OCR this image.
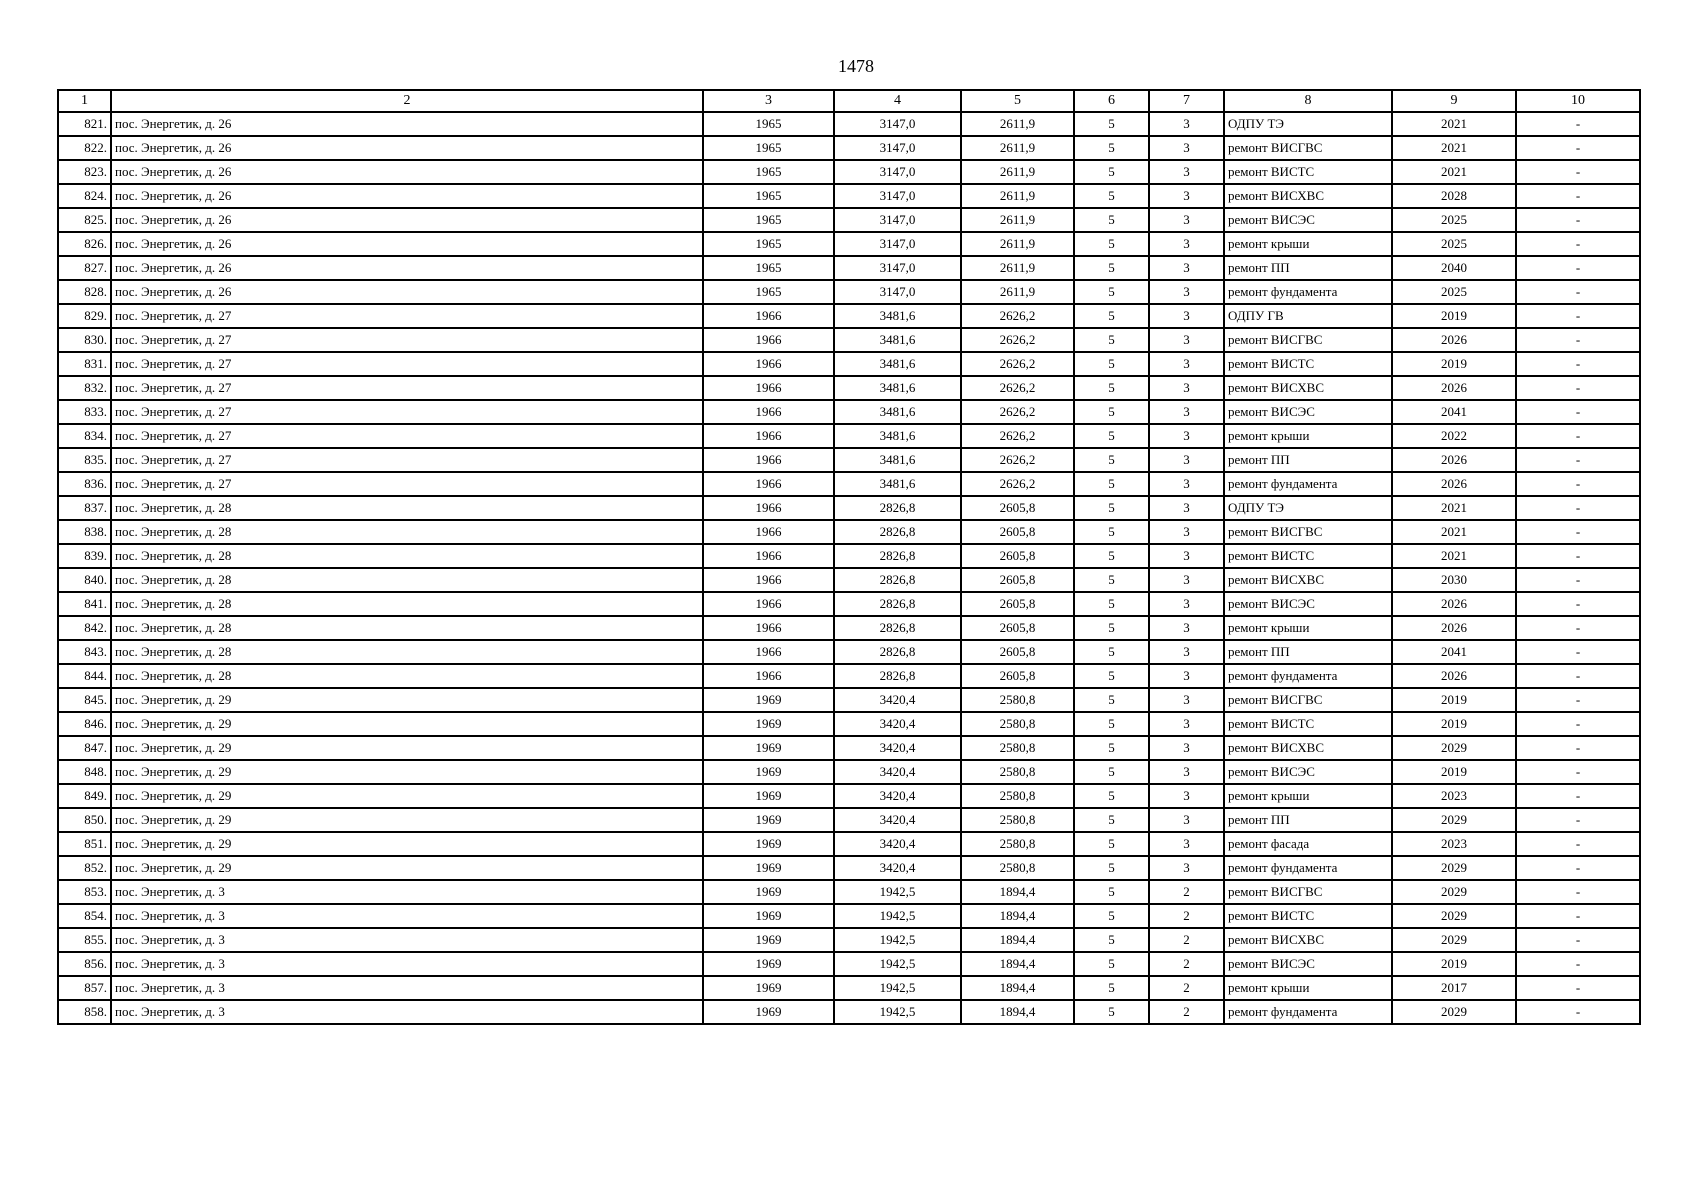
1478
1	2	3	4	5	6	7	8	9	10
821.	пос. Энергетик, д. 26	1965	3147,0	2611,9	5	3	ОДПУ ТЭ	2021	-
822.	пос. Энергетик, д. 26	1965	3147,0	2611,9	5	3	ремонт ВИСГВС	2021	-
823.	пос. Энергетик, д. 26	1965	3147,0	2611,9	5	3	ремонт ВИСТС	2021	-
824.	пос. Энергетик, д. 26	1965	3147,0	2611,9	5	3	ремонт ВИСХВС	2028	-
825.	пос. Энергетик, д. 26	1965	3147,0	2611,9	5	3	ремонт ВИСЭС	2025	-
826.	пос. Энергетик, д. 26	1965	3147,0	2611,9	5	3	ремонт крыши	2025	-
827.	пос. Энергетик, д. 26	1965	3147,0	2611,9	5	3	ремонт ПП	2040	-
828.	пос. Энергетик, д. 26	1965	3147,0	2611,9	5	3	ремонт фундамента	2025	-
829.	пос. Энергетик, д. 27	1966	3481,6	2626,2	5	3	ОДПУ ГВ	2019	-
830.	пос. Энергетик, д. 27	1966	3481,6	2626,2	5	3	ремонт ВИСГВС	2026	-
831.	пос. Энергетик, д. 27	1966	3481,6	2626,2	5	3	ремонт ВИСТС	2019	-
832.	пос. Энергетик, д. 27	1966	3481,6	2626,2	5	3	ремонт ВИСХВС	2026	-
833.	пос. Энергетик, д. 27	1966	3481,6	2626,2	5	3	ремонт ВИСЭС	2041	-
834.	пос. Энергетик, д. 27	1966	3481,6	2626,2	5	3	ремонт крыши	2022	-
835.	пос. Энергетик, д. 27	1966	3481,6	2626,2	5	3	ремонт ПП	2026	-
836.	пос. Энергетик, д. 27	1966	3481,6	2626,2	5	3	ремонт фундамента	2026	-
837.	пос. Энергетик, д. 28	1966	2826,8	2605,8	5	3	ОДПУ ТЭ	2021	-
838.	пос. Энергетик, д. 28	1966	2826,8	2605,8	5	3	ремонт ВИСГВС	2021	-
839.	пос. Энергетик, д. 28	1966	2826,8	2605,8	5	3	ремонт ВИСТС	2021	-
840.	пос. Энергетик, д. 28	1966	2826,8	2605,8	5	3	ремонт ВИСХВС	2030	-
841.	пос. Энергетик, д. 28	1966	2826,8	2605,8	5	3	ремонт ВИСЭС	2026	-
842.	пос. Энергетик, д. 28	1966	2826,8	2605,8	5	3	ремонт крыши	2026	-
843.	пос. Энергетик, д. 28	1966	2826,8	2605,8	5	3	ремонт ПП	2041	-
844.	пос. Энергетик, д. 28	1966	2826,8	2605,8	5	3	ремонт фундамента	2026	-
845.	пос. Энергетик, д. 29	1969	3420,4	2580,8	5	3	ремонт ВИСГВС	2019	-
846.	пос. Энергетик, д. 29	1969	3420,4	2580,8	5	3	ремонт ВИСТС	2019	-
847.	пос. Энергетик, д. 29	1969	3420,4	2580,8	5	3	ремонт ВИСХВС	2029	-
848.	пос. Энергетик, д. 29	1969	3420,4	2580,8	5	3	ремонт ВИСЭС	2019	-
849.	пос. Энергетик, д. 29	1969	3420,4	2580,8	5	3	ремонт крыши	2023	-
850.	пос. Энергетик, д. 29	1969	3420,4	2580,8	5	3	ремонт ПП	2029	-
851.	пос. Энергетик, д. 29	1969	3420,4	2580,8	5	3	ремонт фасада	2023	-
852.	пос. Энергетик, д. 29	1969	3420,4	2580,8	5	3	ремонт фундамента	2029	-
853.	пос. Энергетик, д. 3	1969	1942,5	1894,4	5	2	ремонт ВИСГВС	2029	-
854.	пос. Энергетик, д. 3	1969	1942,5	1894,4	5	2	ремонт ВИСТС	2029	-
855.	пос. Энергетик, д. 3	1969	1942,5	1894,4	5	2	ремонт ВИСХВС	2029	-
856.	пос. Энергетик, д. 3	1969	1942,5	1894,4	5	2	ремонт ВИСЭС	2019	-
857.	пос. Энергетик, д. 3	1969	1942,5	1894,4	5	2	ремонт крыши	2017	-
858.	пос. Энергетик, д. 3	1969	1942,5	1894,4	5	2	ремонт фундамента	2029	-
